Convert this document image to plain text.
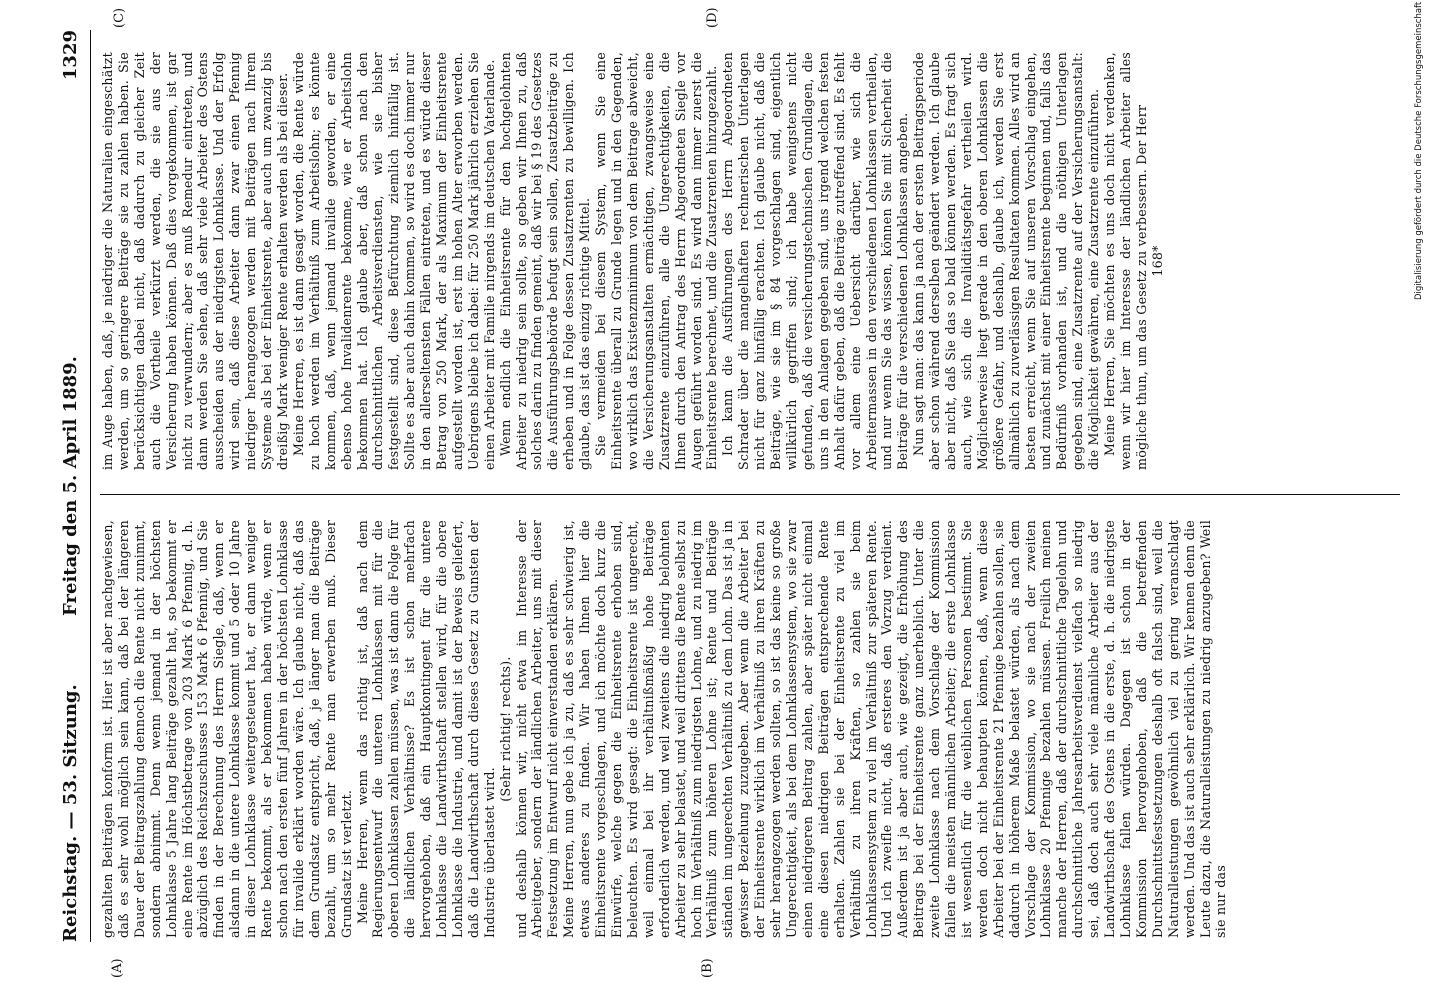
Reichstag. — 53. Sitzung.
Freitag den 5. April 1889.
1329
(A)	(B)
(C)	(D)

gezahlten Beiträgen konform ist. Hier ist aber nachgewiesen, daß es sehr wohl möglich sein kann, daß bei der längeren Dauer der Beitragszahlung dennoch die Rente nicht zunimmt, sondern abnimmt. Denn wenn jemand in der höchsten Lohnklasse 5 Jahre lang Beiträge gezahlt hat, so bekommt er eine Rente im Höchstbetrage von 203 Mark 6 Pfennig, d. h. abzüglich des Reichszuschusses 153 Mark 6 Pfennig, und Sie finden in der Berechnung des Herrn Siegle, daß, wenn er alsdann in die untere Lohnklasse kommt und 5 oder 10 Jahre in dieser Lohnklasse weitergesteuert hat, er dann weniger Rente bekommt, als er bekommen haben würde, wenn er schon nach den ersten fünf Jahren in der höchsten Lohnklasse für invalide erklärt worden wäre. Ich glaube nicht, daß das dem Grundsatz entspricht, daß, je länger man die Beiträge bezahlt, um so mehr Rente man erwerben muß. Dieser Grundsatz ist verletzt. Meine Herren, wenn das richtig ist, daß nach dem Regierungsentwurf die unteren Lohnklassen mit für die oberen Lohnklassen zahlen müssen, was ist dann die Folge für die ländlichen Verhältnisse? Es ist schon mehrfach hervorgehoben, daß ein Hauptkontingent für die untere Lohnklasse die Landwirthschaft stellen wird, für die obere Lohnklasse die Industrie, und damit ist der Beweis geliefert, daß die Landwirthschaft durch dieses Gesetz zu Gunsten der Industrie überlastet wird.

(Sehr richtig! rechts). und deshalb können wir, nicht etwa im Interesse der Arbeitgeber, sondern der ländlichen Arbeiter, uns mit dieser Festsetzung im Entwurf nicht einverstanden erklären. Meine Herren, nun gebe ich ja zu, daß es sehr schwierig ist, etwas anderes zu finden. Wir haben Ihnen hier die Einheitsrente vorgeschlagen, und ich möchte doch kurz die Einwürfe, welche gegen die Einheitsrente erhoben sind, beleuchten. Es wird gesagt: die Einheitsrente ist ungerecht, weil einmal bei ihr verhältnißmäßig hohe Beiträge erforderlich werden, und weil zweitens die niedrig belohnten Arbeiter zu sehr belastet, und weil drittens die Rente selbst zu hoch im Verhältniß zum niedrigsten Lohne, und zu niedrig im Verhältniß zum höheren Lohne ist; Rente und Beiträge ständen im ungerechten Verhältniß zu dem Lohn. Das ist ja in gewisser Beziehung zuzugeben. Aber wenn die Arbeiter bei der Einheitsrente wirklich im Verhältniß zu ihren Kräften zu sehr herangezogen werden sollten, so ist das keine so große Ungerechtigkeit, als bei dem Lohnklassensystem, wo sie zwar einen niedrigeren Beitrag zahlen, aber später nicht einmal eine diesen niedrigen Beiträgen entsprechende Rente erhalten. Zahlen sie bei der Einheitsrente zu viel im Verhältniß zu ihren Kräften, so zahlen sie beim Lohnklassensystem zu viel im Verhältniß zur späteren Rente. Und ich zweifle nicht, daß ersteres den Vorzug verdient. Außerdem ist ja aber auch, wie gezeigt, die Erhöhung des Beitrags bei der Einheitsrente ganz unerheblich. Unter die zweite Lohnklasse nach dem Vorschlage der Kommission fallen die meisten männlichen Arbeiter; die erste Lohnklasse ist wesentlich für die weiblichen Personen bestimmt. Sie werden doch nicht behaupten können, daß, wenn diese Arbeiter bei der Einheitsrente 21 Pfennige bezahlen sollen, sie dadurch in höherem Maße belastet würden, als nach dem Vorschlage der Kommission, wo sie nach der zweiten Lohnklasse 20 Pfennige bezahlen müssen. Freilich meinen manche der Herren, daß der durchschnittliche Tagelohn und durchschnittliche Jahresarbeitsverdienst vielfach so niedrig sei, daß doch auch sehr viele männliche Arbeiter aus der Landwirthschaft des Ostens in die erste, d. h. die niedrigste Lohnklasse fallen würden. Dagegen ist schon in der Kommission hervorgehoben, daß die betreffenden Durchschnittsfestsetzungen deshalb oft falsch sind, weil die Naturalleistungen gewöhnlich viel zu gering veranschlagt werden. Und das ist auch sehr erklärlich. Wir kennen denn die Leute dazu, die Naturalleistungen zu niedrig anzugeben? Weil sie nur das

im Auge haben, daß, je niedriger die Naturalien eingeschätzt werden, um so geringere Beiträge sie zu zahlen haben. Sie berücksichtigen dabei nicht, daß dadurch zu gleicher Zeit auch die Vortheile verkürzt werden, die sie aus der Versicherung haben können. Daß dies vorgekommen, ist gar nicht zu verwundern; aber es muß Remedur eintreten, und dann werden Sie sehen, daß sehr viele Arbeiter des Ostens ausscheiden aus der niedrigsten Lohnklasse. Und der Erfolg wird sein, daß diese Arbeiter dann zwar einen Pfennig niedriger herangezogen werden mit Beiträgen nach Ihrem Systeme als bei der Einheitsrente, aber auch um zwanzig bis dreißig Mark weniger Rente erhalten werden als bei dieser. Meine Herren, es ist dann gesagt worden, die Rente würde zu hoch werden im Verhältniß zum Arbeitslohn; es könnte kommen, daß, wenn jemand invalide geworden, er eine ebenso hohe Invalidenrente bekomme, wie er Arbeitslohn bekommen hat. Ich glaube aber, daß schon nach den durchschnittlichen Arbeitsverdiensten, wie sie bisher festgestellt sind, diese Befürchtung ziemlich hinfällig ist. Sollte es aber auch dahin kommen, so wird es doch immer nur in den allerseltensten Fällen eintreten, und es würde dieser Betrag von 250 Mark, der als Maximum der Einheitsrente aufgestellt worden ist, erst im hohen Alter erworben werden. Uebrigens bleibe ich dabei: für 250 Mark jährlich erziehen Sie einen Arbeiter mit Familie nirgends im deutschen Vaterlande. Wenn endlich die Einheitsrente für den hochgelohnten Arbeiter zu niedrig sein sollte, so geben wir Ihnen zu, daß solches darin zu finden gemeint, daß wir bei § 19 des Gesetzes die Ausführungsbehörde befugt sein sollen, Zusatzbeiträge zu erheben und in Folge dessen Zusatzrenten zu bewilligen. Ich glaube, das ist das einzig richtige Mittel. Sie vermeiden bei diesem System, wenn Sie eine Einheitsrente überall zu Grunde legen und in den Gegenden, wo wirklich das Existenzminimum von dem Beitrage abweicht, die Versicherungsanstalten ermächtigen, zwangsweise eine Zusatzrente einzuführen, alle die Ungerechtigkeiten, die Ihnen durch den Antrag des Herrn Abgeordneten Siegle vor Augen geführt worden sind. Es wird dann immer zuerst die Einheitsrente berechnet, und die Zusatzrenten hinzugezahlt. Ich kann die Ausführungen des Herrn Abgeordneten Schrader über die mangelhaften rechnerischen Unterlagen nicht für ganz hinfällig erachten. Ich glaube nicht, daß die Beiträge, wie sie im § 84 vorgeschlagen sind, eigentlich willkürlich gegriffen sind; ich habe wenigstens nicht gefunden, daß die versicherungstechnischen Grundlagen, die uns in den Anlagen gegeben sind, uns irgend welchen festen Anhalt dafür geben, daß die Beiträge zutreffend sind. Es fehlt vor allem eine Uebersicht darüber, wie sich die Arbeitermassen in den verschiedenen Lohnklassen vertheilen, und nur wenn Sie das wissen, können Sie mit Sicherheit die Beiträge für die verschiedenen Lohnklassen angeben. Nun sagt man: das kann ja nach der ersten Beitragsperiode aber schon während derselben geändert werden. Ich glaube aber nicht, daß Sie das so bald können werden. Es fragt sich auch, wie sich die Invaliditätsgefahr vertheilen wird. Möglicherweise liegt gerade in den oberen Lohnklassen die größere Gefahr, und deshalb, glaube ich, werden Sie erst allmählich zu zuverlässigen Resultaten kommen. Alles wird an besten erreicht, wenn Sie auf unseren Vorschlag eingehen, und zunächst mit einer Einheitsrente beginnen und, falls das Bedürfniß vorhanden ist, und die nöthigen Unterlagen gegeben sind, eine Zusatzrente auf der Versicherungsanstalt: die Möglichkeit gewähren, eine Zusatzrente einzuführen. Meine Herren, Sie möchten es uns doch nicht verdenken, wenn wir hier im Interesse der ländlichen Arbeiter alles mögliche thun, um das Gesetz zu verbessern. Der Herr 168*	Digitalisierung gefördert durch die Deutsche Forschungsgemeinschaft
